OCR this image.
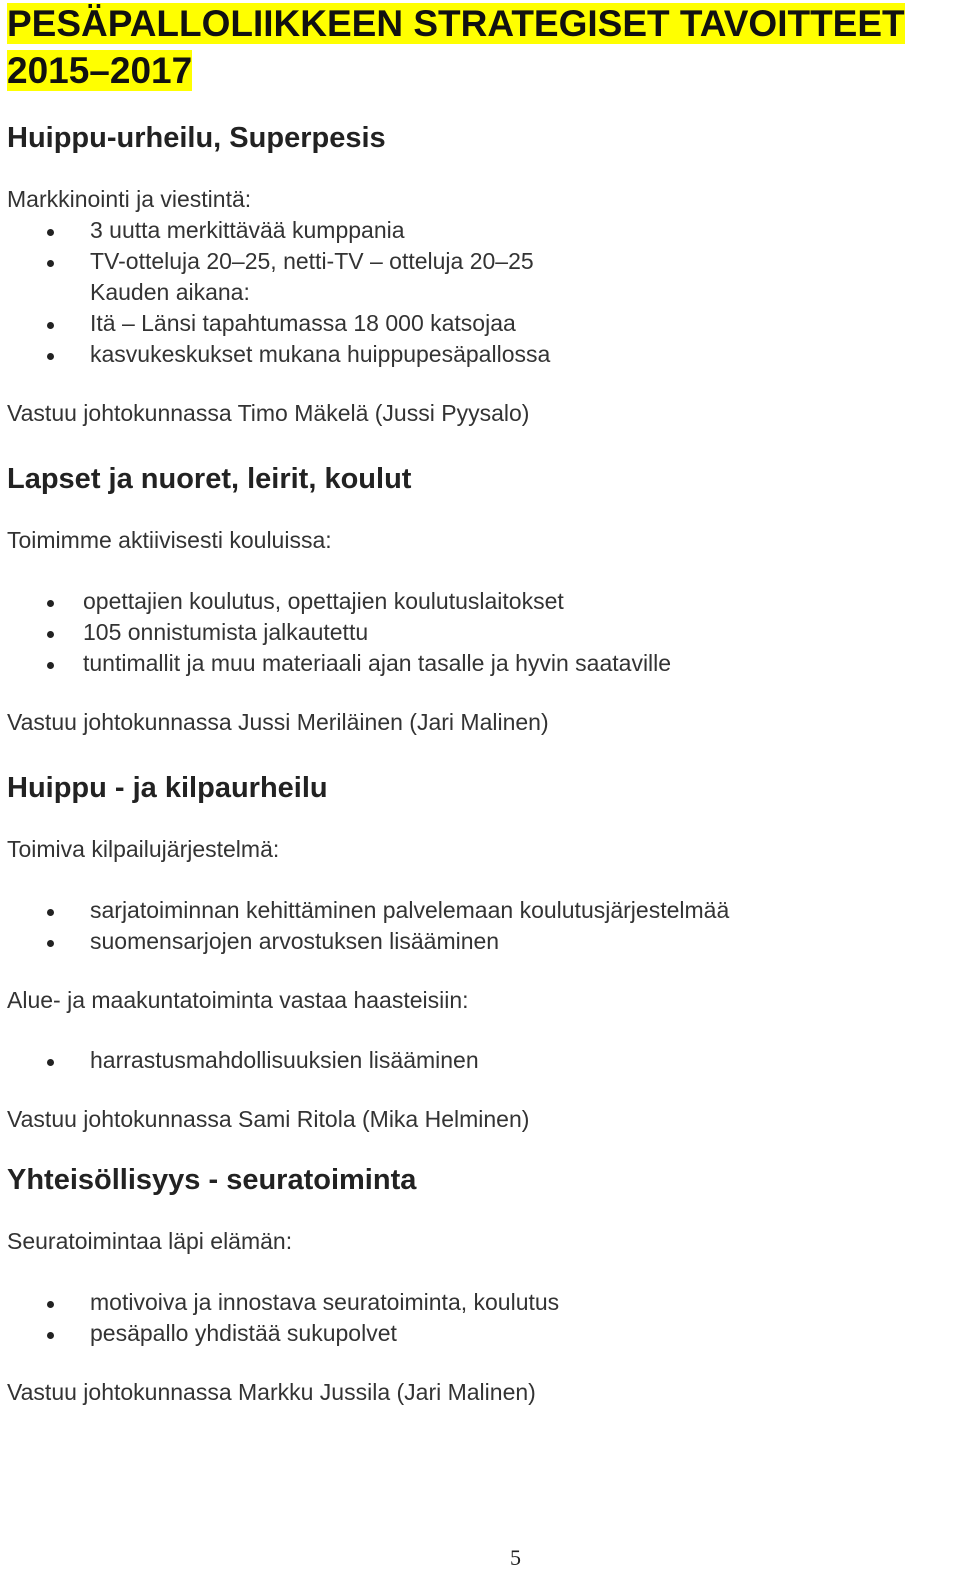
PESÄPALLOLIIKKEEN STRATEGISET TAVOITTEET
2015–2017
Huippu-urheilu, Superpesis
Markkinointi ja viestintä:
3 uutta merkittävää kumppania
TV-otteluja 20–25, netti-TV – otteluja 20–25
Kauden aikana:
Itä – Länsi tapahtumassa 18 000 katsojaa
kasvukeskukset mukana huippupesäpallossa
Vastuu johtokunnassa Timo Mäkelä (Jussi Pyysalo)
Lapset ja nuoret, leirit, koulut
Toimimme aktiivisesti kouluissa:
opettajien koulutus, opettajien koulutuslaitokset
105 onnistumista jalkautettu
tuntimallit ja muu materiaali ajan tasalle ja hyvin saataville
Vastuu johtokunnassa Jussi Meriläinen (Jari Malinen)
Huippu - ja kilpaurheilu
Toimiva kilpailujärjestelmä:
sarjatoiminnan kehittäminen palvelemaan koulutusjärjestelmää
suomensarjojen arvostuksen lisääminen
Alue- ja maakuntatoiminta vastaa haasteisiin:
harrastusmahdollisuuksien lisääminen
Vastuu johtokunnassa Sami Ritola (Mika Helminen)
Yhteisöllisyys - seuratoiminta
Seuratoimintaa läpi elämän:
motivoiva ja innostava seuratoiminta, koulutus
pesäpallo yhdistää sukupolvet
Vastuu johtokunnassa Markku Jussila (Jari Malinen)
5
